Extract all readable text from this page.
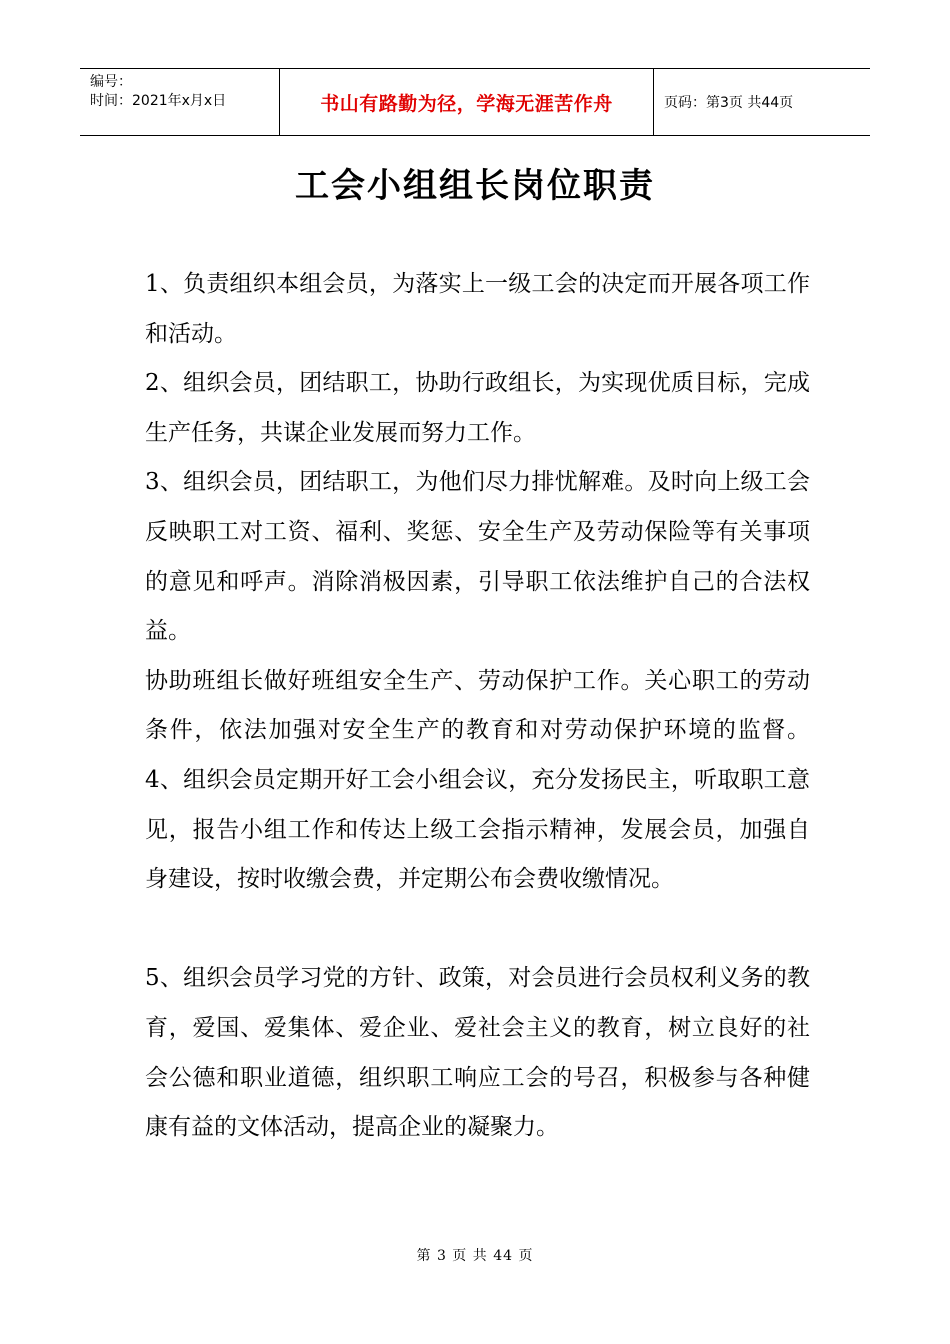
编号：
时间：2021年x月x日	书山有路勤为径，学海无涯苦作舟	页码：第3页 共44页
工会小组组长岗位职责

1、负责组织本组会员，为落实上一级工会的决定而开展各项工作和活动。

2、组织会员，团结职工，协助行政组长，为实现优质目标，完成生产任务，共谋企业发展而努力工作。

3、组织会员，团结职工，为他们尽力排忧解难。及时向上级工会反映职工对工资、福利、奖惩、安全生产及劳动保险等有关事项的意见和呼声。消除消极因素，引导职工依法维护自己的合法权益。

协助班组长做好班组安全生产、劳动保护工作。关心职工的劳动条件，依法加强对安全生产的教育和对劳动保护环境的监督。 4、组织会员定期开好工会小组会议，充分发扬民主，听取职工意见，报告小组工作和传达上级工会指示精神，发展会员，加强自身建设，按时收缴会费，并定期公布会费收缴情况。

5、组织会员学习党的方针、政策，对会员进行会员权利义务的教育，爱国、爱集体、爱企业、爱社会主义的教育，树立良好的社会公德和职业道德，组织职工响应工会的号召，积极参与各种健康有益的文体活动，提高企业的凝聚力。

第 3 页 共 44 页
